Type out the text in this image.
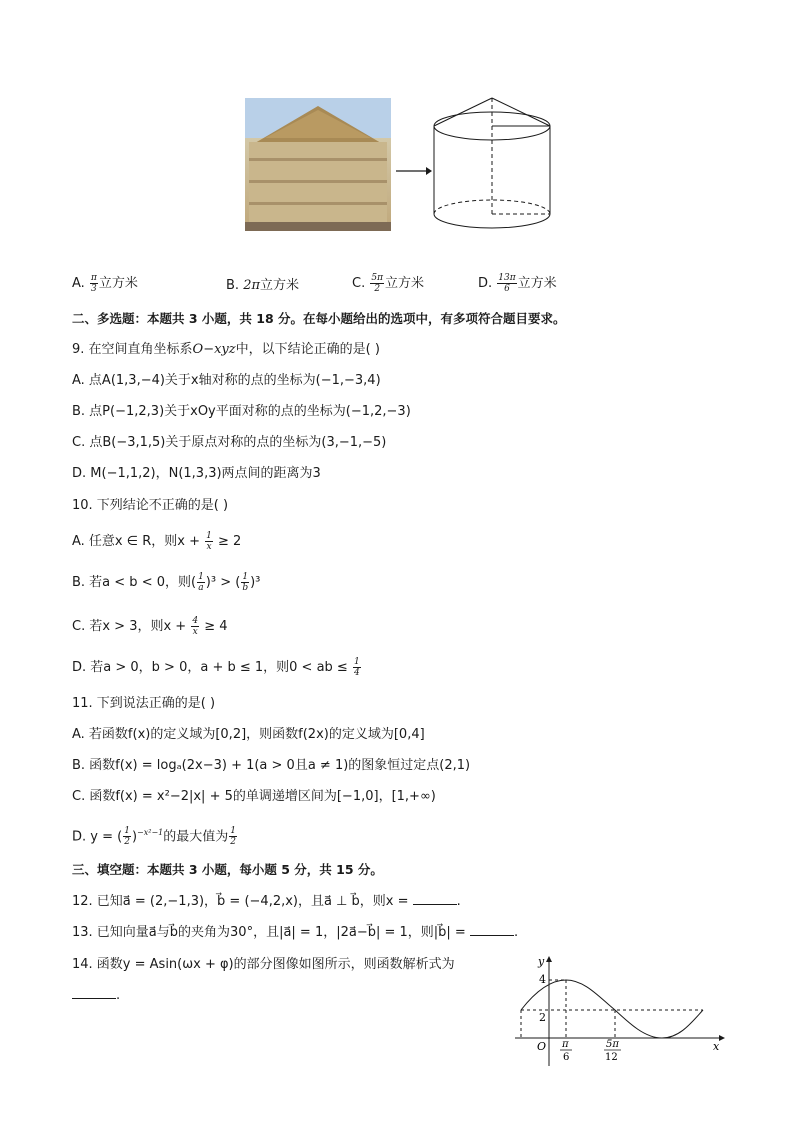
A. $\frac{\pi}{3}$ 立方米	B. 2π立方米	C. $\frac{5\pi}{2}$ 立方米	D. $\frac{13\pi}{6}$ 立方米
二、多选题：本题共 3 小题，共 18 分。在每小题给出的选项中，有多项符合题目要求。
9. 在空间直角坐标系O−xyz中，以下结论正确的是( )
A. 点A(1,3,−4)关于x轴对称的点的坐标为(−1,−3,4)
B. 点P(−1,2,3)关于xOy平面对称的点的坐标为(−1,2,−3)
C. 点B(−3,1,5)关于原点对称的点的坐标为(3,−1,−5)
D. M(−1,1,2)，N(1,3,3)两点间的距离为3
10. 下列结论不正确的是( )
A. 任意x ∈ R，则$x + \frac{1}{x} \ge 2$
B. 若a < b < 0，则( $\frac{1}{a} )^3$ > ( $\frac{1}{b} )^3$
C. 若x > 3，则$x + \frac{4}{x} \ge 4$
D. 若a > 0，b > 0，a + b ≤ 1，则0 < ab ≤ $\frac{1}{4}$
11. 下到说法正确的是( )
A. 若函数f(x)的定义域为[0,2]，则函数f(2x)的定义域为[0,4]
B. 函数f(x) = logₐ(2x−3) + 1(a > 0且a ≠ 1)的图象恒过定点(2,1)
C. 函数f(x) = x²−2|x| + 5的单调递增区间为[−1,0]，[1,+∞)
D. y = ( $\frac{1}{2} )^{-x^2-1}$的最大值为 $\frac{1}{2}$
三、填空题：本题共 3 小题，每小题 5 分，共 15 分。
12. 已知a⃗ = (2,−1,3)，b⃗ = (−4,2,x)，且a⃗ ⊥ b⃗，则x =	.
13. 已知向量a⃗与b⃗的夹角为30°，且|a⃗| = 1，|2a⃗−b⃗| = 1，则|b⃗| =	.
14. 函数y = Asin(ωx + φ)的部分图像如图所示，则函数解析式为
.
y
x
O
4
2
π
6
5π
12
